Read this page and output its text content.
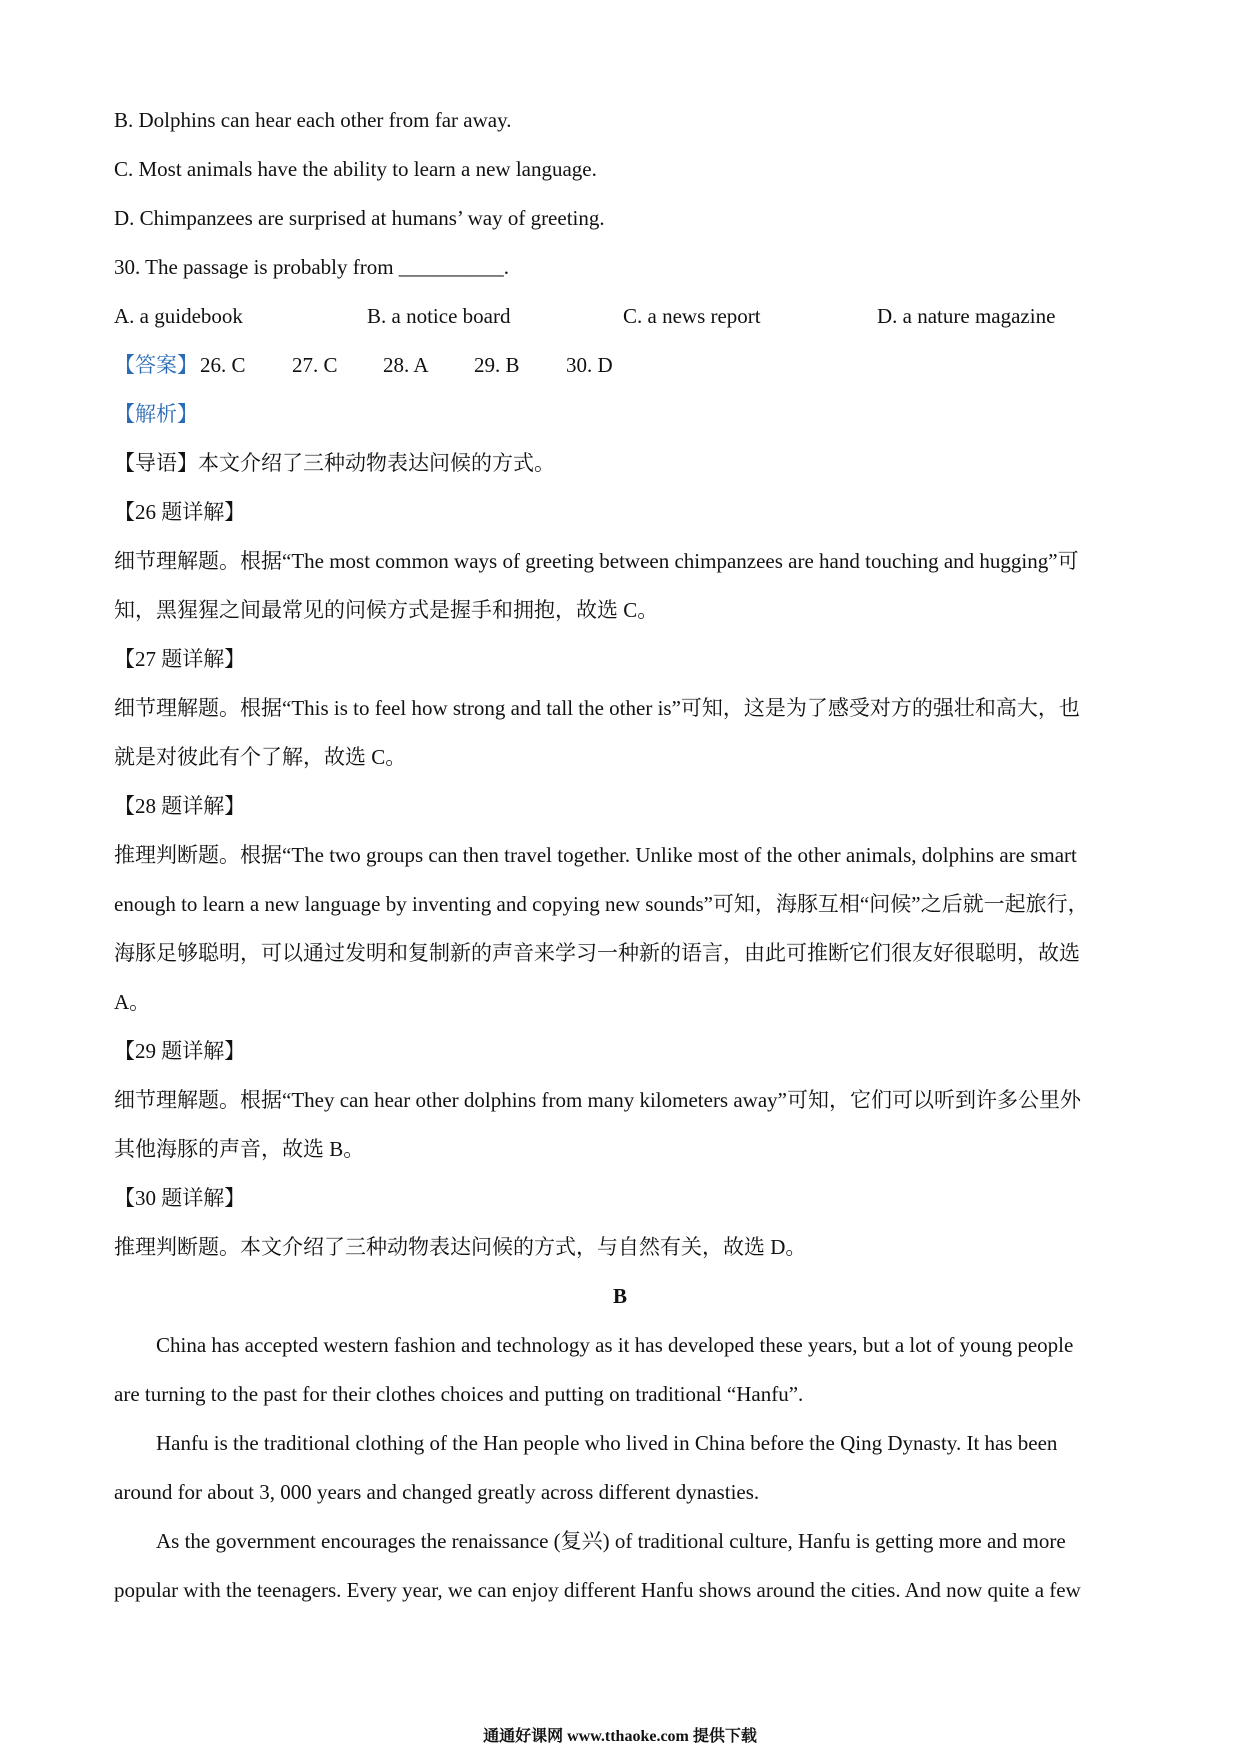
B. Dolphins can hear each other from far away.
C. Most animals have the ability to learn a new language.
D. Chimpanzees are surprised at humans’ way of greeting.
30. The passage is probably from __________.
A. a guidebook	B. a notice board	C. a news report	D. a nature magazine
【答案】 26. C 27. C 28. A 29. B 30. D
【解析】
【导语】本文介绍了三种动物表达问候的方式。
【26 题详解】
细节理解题。根据“The most common ways of greeting between chimpanzees are hand touching and hugging”可
知，黑猩猩之间最常见的问候方式是握手和拥抱，故选 C。
【27 题详解】
细节理解题。根据“This is to feel how strong and tall the other is”可知，这是为了感受对方的强壮和高大，也
就是对彼此有个了解，故选 C。
【28 题详解】
推理判断题。根据“The two groups can then travel together. Unlike most of the other animals, dolphins are smart
enough to learn a new language by inventing and copying new sounds”可知，海豚互相“问候”之后就一起旅行，
海豚足够聪明，可以通过发明和复制新的声音来学习一种新的语言，由此可推断它们很友好很聪明，故选
A。
【29 题详解】
细节理解题。根据“They can hear other dolphins from many kilometers away”可知，它们可以听到许多公里外
其他海豚的声音，故选 B。
【30 题详解】
推理判断题。本文介绍了三种动物表达问候的方式，与自然有关，故选 D。
B
China has accepted western fashion and technology as it has developed these years, but a lot of young people
are turning to the past for their clothes choices and putting on traditional “Hanfu”.
Hanfu is the traditional clothing of the Han people who lived in China before the Qing Dynasty. It has been
around for about 3, 000 years and changed greatly across different dynasties.
As the government encourages the renaissance (复兴) of traditional culture, Hanfu is getting more and more
popular with the teenagers. Every year, we can enjoy different Hanfu shows around the cities. And now quite a few
通通好课网 www.tthaoke.com 提供下载
